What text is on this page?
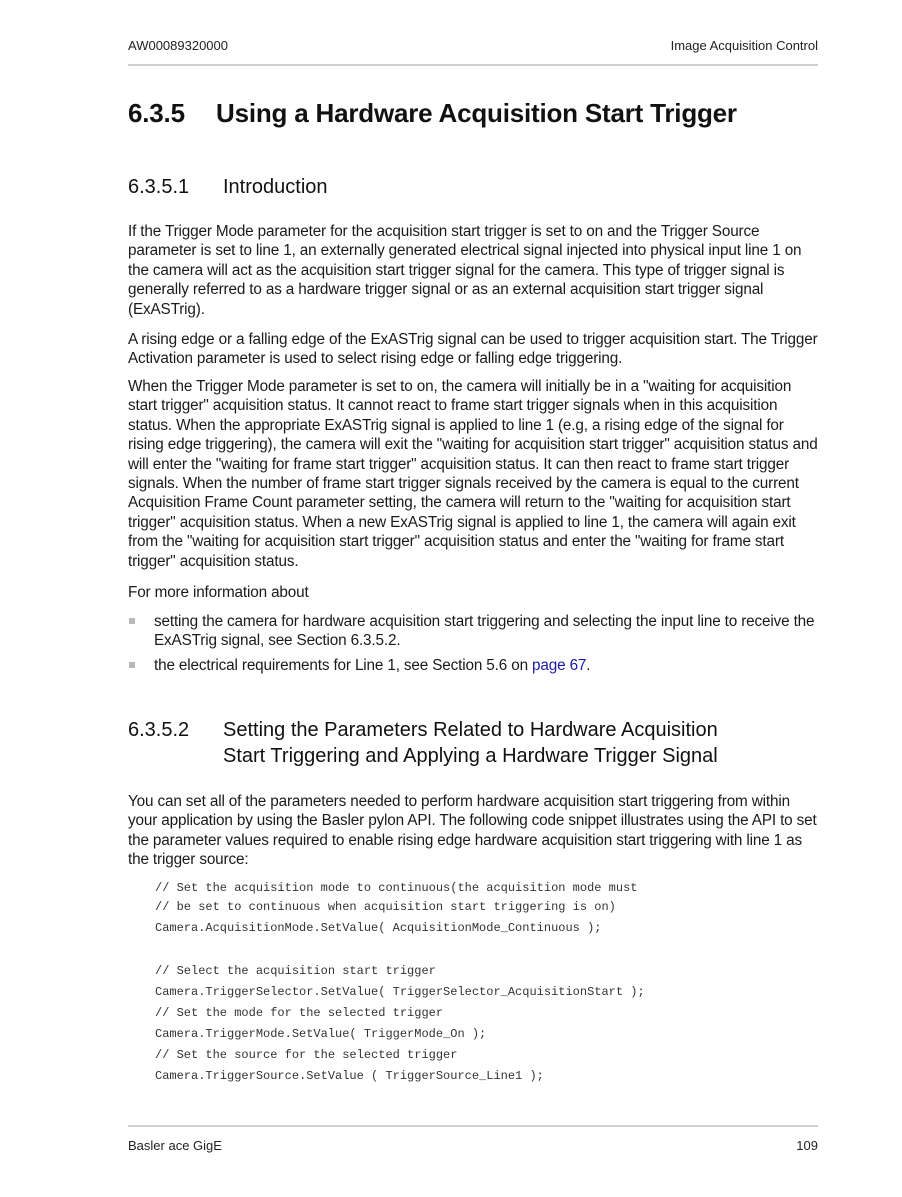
AW00089320000	Image Acquisition Control
6.3.5 Using a Hardware Acquisition Start Trigger
6.3.5.1 Introduction
If the Trigger Mode parameter for the acquisition start trigger is set to on and the Trigger Source parameter is set to line 1, an externally generated electrical signal injected into physical input line 1 on the camera will act as the acquisition start trigger signal for the camera. This type of trigger signal is generally referred to as a hardware trigger signal or as an external acquisition start trigger signal (ExASTrig).
A rising edge or a falling edge of the ExASTrig signal can be used to trigger acquisition start. The Trigger Activation parameter is used to select rising edge or falling edge triggering.
When the Trigger Mode parameter is set to on, the camera will initially be in a "waiting for acquisition start trigger" acquisition status. It cannot react to frame start trigger signals when in this acquisition status. When the appropriate ExASTrig signal is applied to line 1 (e.g, a rising edge of the signal for rising edge triggering), the camera will exit the "waiting for acquisition start trigger" acquisition status and will enter the "waiting for frame start trigger" acquisition status. It can then react to frame start trigger signals. When the number of frame start trigger signals received by the camera is equal to the current Acquisition Frame Count parameter setting, the camera will return to the "waiting for acquisition start trigger" acquisition status. When a new ExASTrig signal is applied to line 1, the camera will again exit from the "waiting for acquisition start trigger" acquisition status and enter the "waiting for frame start trigger" acquisition status.
For more information about
setting the camera for hardware acquisition start triggering and selecting the input line to receive the ExASTrig signal, see Section 6.3.5.2.
the electrical requirements for Line 1, see Section 5.6 on page 67.
6.3.5.2 Setting the Parameters Related to Hardware Acquisition
Start Triggering and Applying a Hardware Trigger Signal
You can set all of the parameters needed to perform hardware acquisition start triggering from within your application by using the Basler pylon API. The following code snippet illustrates using the API to set the parameter values required to enable rising edge hardware acquisition start triggering with line 1 as the trigger source:
// Set the acquisition mode to continuous(the acquisition mode must
// be set to continuous when acquisition start triggering is on)
Camera.AcquisitionMode.SetValue( AcquisitionMode_Continuous );
// Select the acquisition start trigger
Camera.TriggerSelector.SetValue( TriggerSelector_AcquisitionStart );
// Set the mode for the selected trigger
Camera.TriggerMode.SetValue( TriggerMode_On );
// Set the source for the selected trigger
Camera.TriggerSource.SetValue ( TriggerSource_Line1 );
Basler ace GigE	109
